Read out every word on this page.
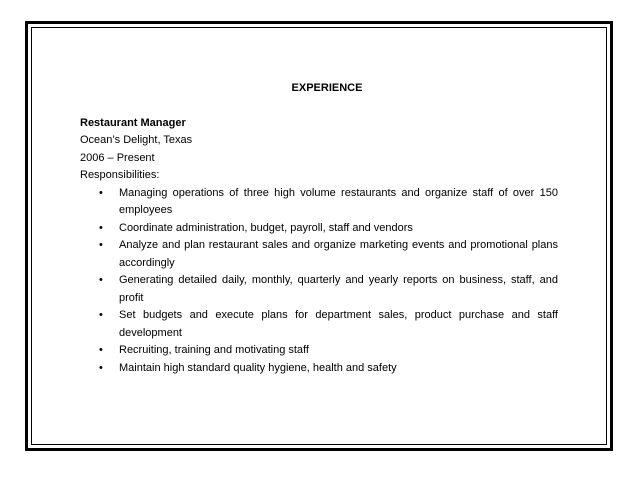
EXPERIENCE

Restaurant Manager

Ocean’s Delight, Texas

2006 – Present

Responsibilities:

• Managing operations of three high volume restaurants and organize staff of over 150 employees
• Coordinate administration, budget, payroll, staff and vendors
• Analyze and plan restaurant sales and organize marketing events and promotional plans accordingly
• Generating detailed daily, monthly, quarterly and yearly reports on business, staff, and profit
• Set budgets and execute plans for department sales, product purchase and staff development
• Recruiting, training and motivating staff
• Maintain high standard quality hygiene, health and safety
